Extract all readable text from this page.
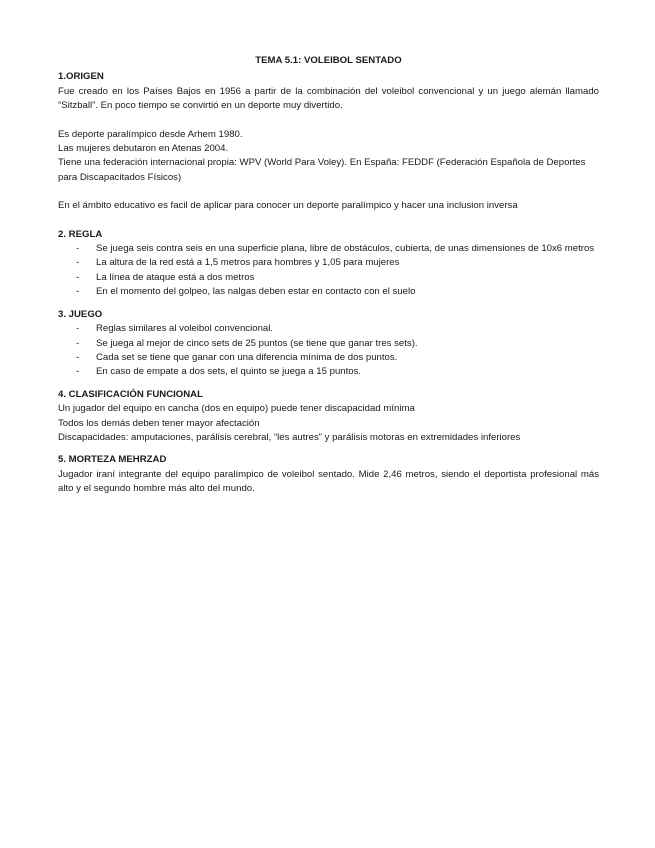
TEMA 5.1: VOLEIBOL SENTADO

1.ORIGEN

Fue creado en los Países Bajos en 1956 a partir de la combinación del voleibol convencional y un juego alemán llamado “Sitzball”. En poco tiempo se convirtió en un deporte muy divertido.

Es deporte paralímpico desde Arhem 1980.

Las mujeres debutaron en Atenas 2004.

Tiene una federación internacional propia: WPV (World Para Voley). En España: FEDDF (Federación Española de Deportes para Discapacitados Físicos)

En el ámbito educativo es facil de aplicar para conocer un deporte paralímpico y hacer una inclusion inversa

2. REGLA

- Se juega seis contra seis en una superficie plana, libre de obstáculos, cubierta, de unas dimensiones de 10x6 metros
- La altura de la red está a 1,5 metros para hombres y 1,05 para mujeres
- La línea de ataque está a dos metros
- En el momento del golpeo, las nalgas deben estar en contacto con el suelo

3. JUEGO

- Reglas similares al voleibol convencional.
- Se juega al mejor de cinco sets de 25 puntos (se tiene que ganar tres sets).
- Cada set se tiene que ganar con una diferencia mínima de dos puntos.
- En caso de empate a dos sets, el quinto se juega a 15 puntos.

4. CLASIFICACIÓN FUNCIONAL

Un jugador del equipo en cancha (dos en equipo) puede tener discapacidad mínima

Todos los demás deben tener mayor afectación

Discapacidades: amputaciones, parálisis cerebral, “les autres” y parálisis motoras en extremidades inferiores

5. MORTEZA MEHRZAD

Jugador iraní integrante del equipo paralímpico de voleibol sentado. Mide 2,46 metros, siendo el deportista profesional más alto y el segundo hombre más alto del mundo.
